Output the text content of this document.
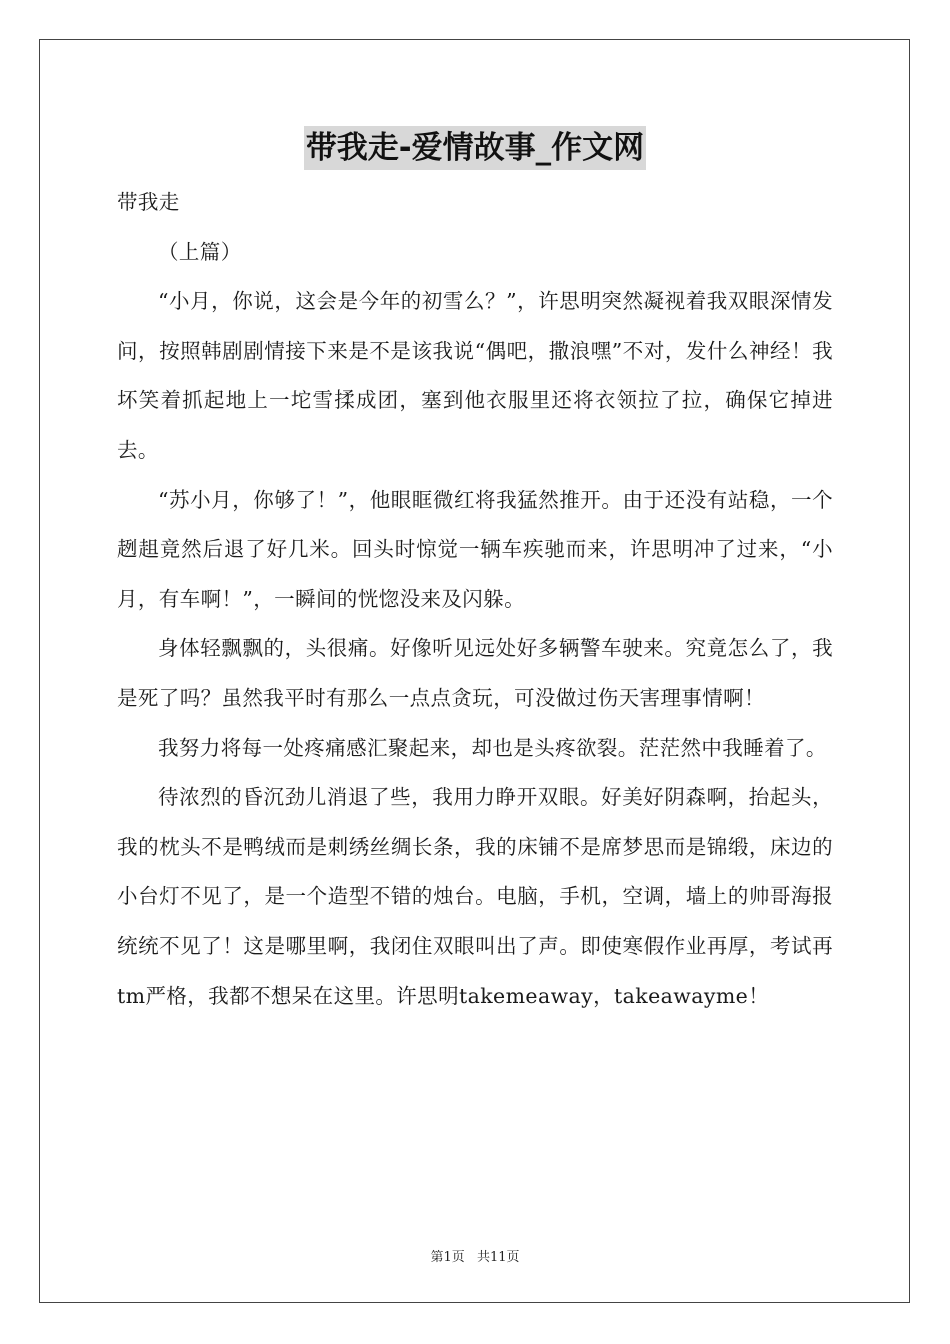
带我走-爱情故事_作文网

带我走

（上篇）

“小月，你说，这会是今年的初雪么？”，许思明突然凝视着我双眼深情发问，按照韩剧剧情接下来是不是该我说“偶吧，撒浪嘿”不对，发什么神经！我坏笑着抓起地上一坨雪揉成团，塞到他衣服里还将衣领拉了拉，确保它掉进去。

“苏小月，你够了！”，他眼眶微红将我猛然推开。由于还没有站稳，一个趔趄竟然后退了好几米。回头时惊觉一辆车疾驰而来，许思明冲了过来，“小月，有车啊！”，一瞬间的恍惚没来及闪躲。

身体轻飘飘的，头很痛。好像听见远处好多辆警车驶来。究竟怎么了，我是死了吗？虽然我平时有那么一点点贪玩，可没做过伤天害理事情啊！

我努力将每一处疼痛感汇聚起来，却也是头疼欲裂。茫茫然中我睡着了。

待浓烈的昏沉劲儿消退了些，我用力睁开双眼。好美好阴森啊，抬起头，我的枕头不是鸭绒而是刺绣丝绸长条，我的床铺不是席梦思而是锦缎，床边的小台灯不见了，是一个造型不错的烛台。电脑，手机，空调，墙上的帅哥海报统统不见了！这是哪里啊，我闭住双眼叫出了声。即使寒假作业再厚，考试再tm严格，我都不想呆在这里。许思明takemeaway，takeawayme！

第1页 共11页
